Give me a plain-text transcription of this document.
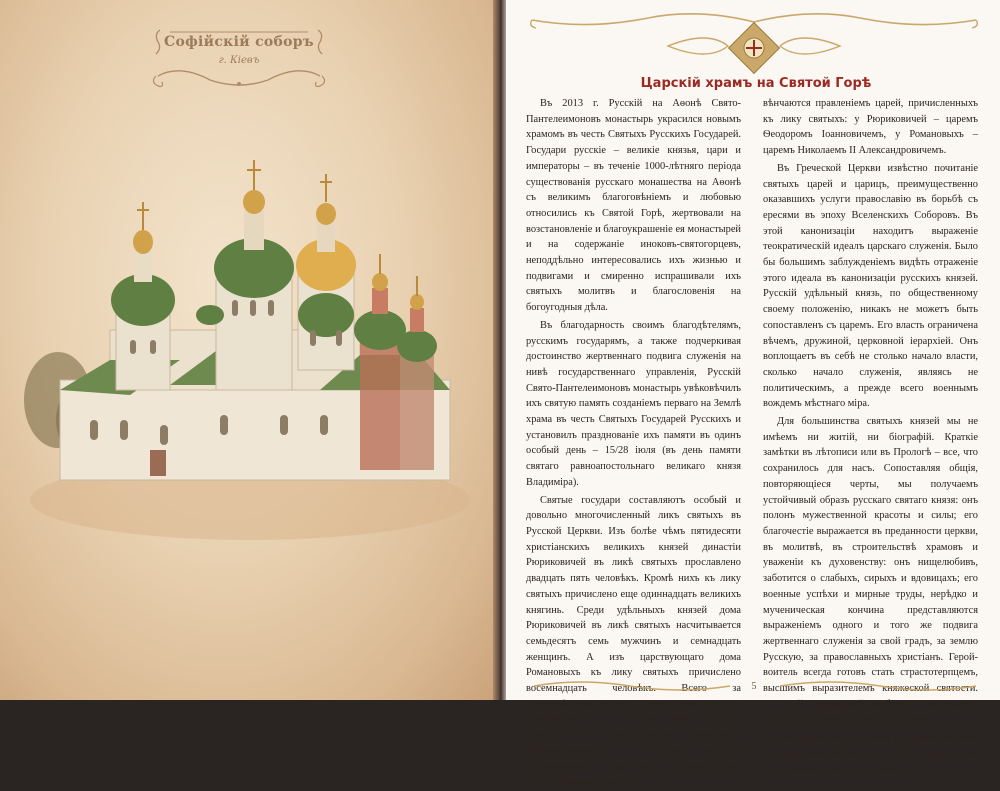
Софійскій соборъ
г. Кіевъ
Царскій храмъ на Святой Горѣ

Въ 2013 г. Русскій на Аѳонѣ Свято-Пантелеимоновъ монастырь украсился новымъ храмомъ въ честь Святыхъ Русскихъ Государей. Государи русскіе – великіе князья, цари и императоры – въ теченіе 1000-лѣтняго періода существованія русскаго монашества на Аѳонѣ съ великимъ благоговѣніемъ и любовью относились къ Святой Горѣ, жертвовали на возстановленіе и благоукрашеніе ея монастырей и на содержаніе иноковъ-святогорцевъ, неподдѣльно интересовались ихъ жизнью и подвигами и смиренно испрашивали ихъ святыхъ молитвъ и благословенія на богоугодныя дѣла.

Въ благодарность своимъ благодѣтелямъ, русскимъ государямъ, а также подчеркивая достоинство жертвеннаго подвига служенія на нивѣ государственнаго управленія, Русскій Свято-Пантелеимоновъ монастырь увѣковѣчилъ ихъ святую память созданіемъ перваго на Землѣ храма въ честь Святыхъ Государей Русскихъ и установилъ празднованіе ихъ памяти въ одинъ особый день – 15/28 іюля (въ день памяти святаго равноапостольнаго великаго князя Владиміра).

Святые государи составляютъ особый и довольно многочисленный ликъ святыхъ въ Русской Церкви. Изъ болѣе чѣмъ пятидесяти христіанскихъ великихъ князей династіи Рюриковичей въ ликѣ святыхъ прославлено двадцать пять человѣкъ. Кромѣ нихъ къ лику святыхъ причислено еще одиннадцать великихъ княгинь. Среди удѣльныхъ князей дома Рюриковичей въ ликѣ святыхъ насчитывается семьдесятъ семь мужчинъ и семнадцать женщинъ. А изъ царствующаго дома Романовыхъ къ лику святыхъ причислено восемнадцать человѣкъ. Всего за тысячелѣтнюю исторію государства Русскаго канонизовано для общаго или мѣстнаго почитанія 148 представителей княжескихъ, великокняжескихъ и царскихъ династій Рюриковичей и Романовыхъ. Знаменательно, что обѣ правящія династіи

вѣнчаются правленіемъ царей, причисленныхъ къ лику святыхъ: у Рюриковичей – царемъ Ѳеодоромъ Іоанновичемъ, у Романовыхъ – царемъ Николаемъ II Александровичемъ.

Въ Греческой Церкви извѣстно почитаніе святыхъ царей и царицъ, преимущественно оказавшихъ услуги православію въ борьбѣ съ ересями въ эпоху Вселенскихъ Соборовъ. Въ этой канонизаціи находитъ выраженіе теократическій идеалъ царскаго служенія. Было бы большимъ заблужденіемъ видѣть отраженіе этого идеала въ канонизаціи русскихъ князей. Русскій удѣльный князь, по общественному своему положенію, никакъ не можетъ быть сопоставленъ съ царемъ. Его власть ограничена вѣчемъ, дружиной, церковной іерархіей. Онъ воплощаетъ въ себѣ не столько начало власти, сколько начало служенія, являясь не политическимъ, а прежде всего военнымъ вождемъ мѣстнаго міра.

Для большинства святыхъ князей мы не имѣемъ ни житій, ни біографій. Краткіе замѣтки въ лѣтописи или въ Прологѣ – все, что сохранилось для насъ. Сопоставляя общія, повторяющіеся черты, мы получаемъ устойчивый образъ русскаго святаго князя: онъ полонъ мужественной красоты и силы; его благочестіе выражается въ преданности церкви, въ молитвѣ, въ строительствѣ храмовъ и уваженіи къ духовенству: онъ нищелюбивъ, заботится о слабыхъ, сирыхъ и вдовицахъ; его военные успѣхи и мирные труды, нерѣдко и мученическая кончина представляются выраженіемъ одного и того же подвига жертвеннаго служенія за свой градъ, за землю Русскую, за православныхъ христіанъ. Герой-воитель всегда готовъ стать страстотерпцемъ, высшимъ выразителемъ княжеской святости. Въ этой жертвенной любви и заключается христіанская идея княжескаго подвига.

Какъ извѣстно, первыми русскими святыми стали князья Борисъ и Глѣбъ. Однако они прославлялись не какъ «самовласт-

5
